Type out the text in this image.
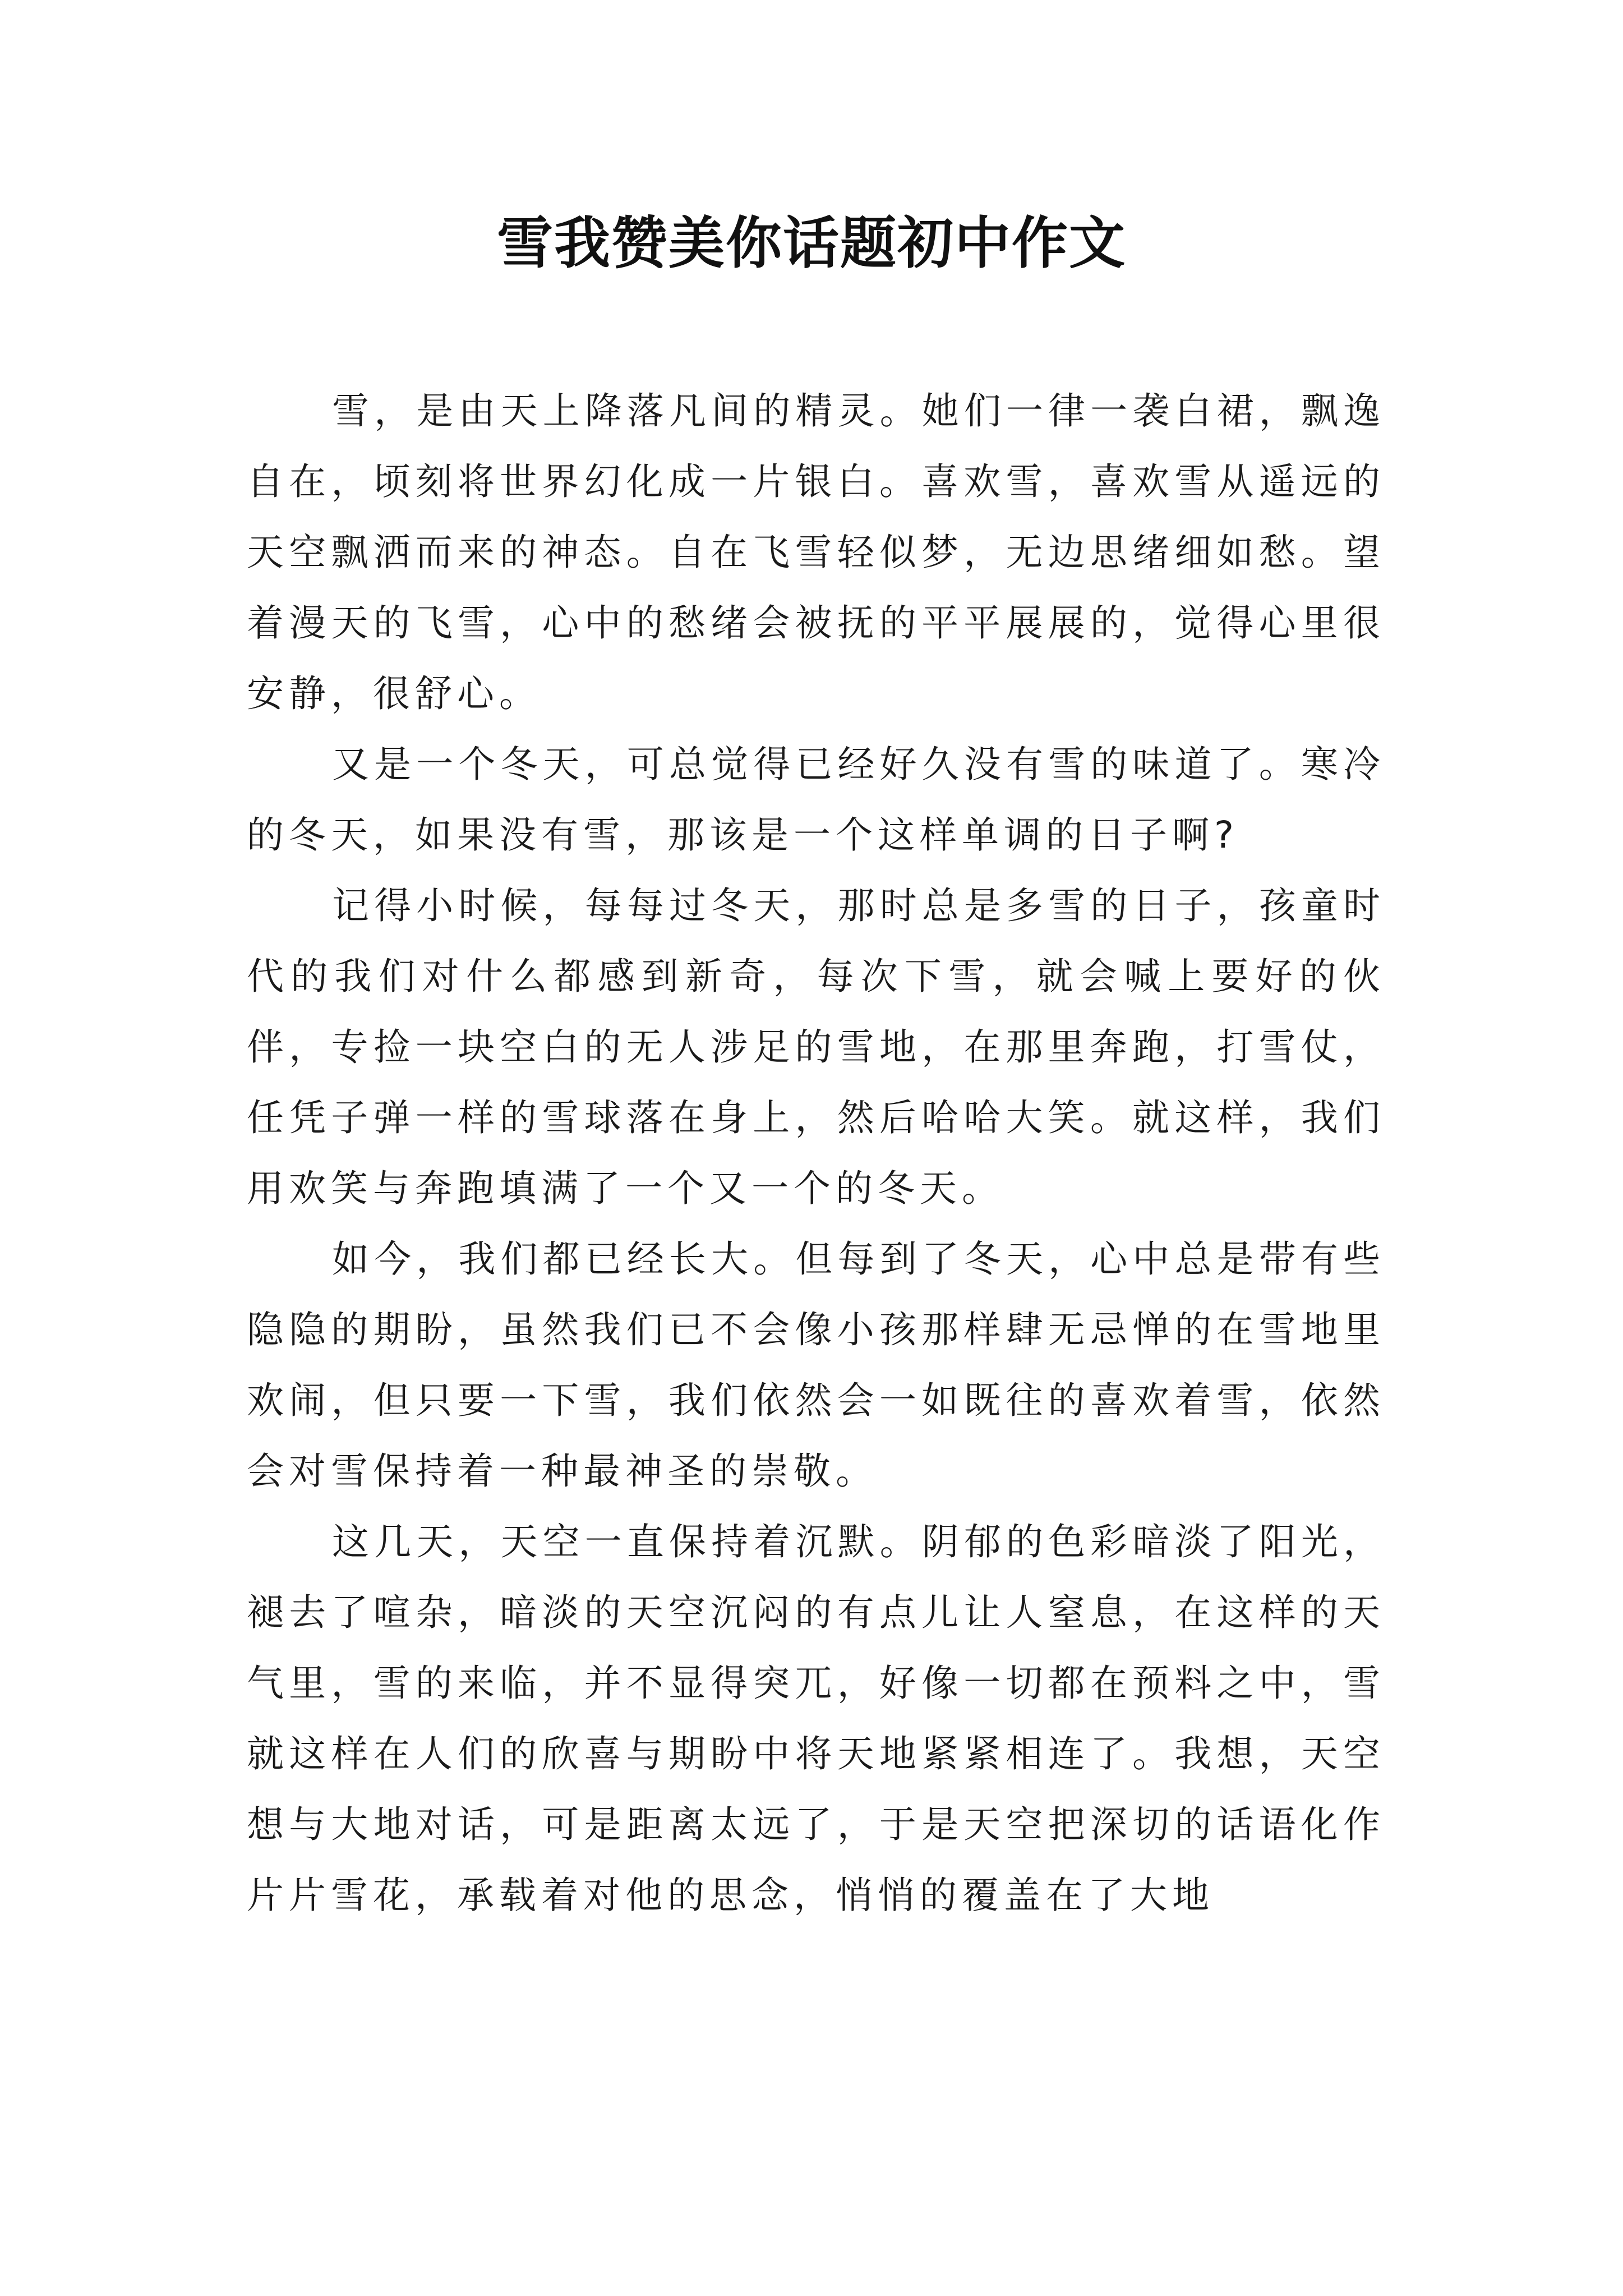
雪我赞美你话题初中作文

雪，是由天上降落凡间的精灵。她们一律一袭白裙，飘逸自在，顷刻将世界幻化成一片银白。喜欢雪，喜欢雪从遥远的天空飘洒而来的神态。自在飞雪轻似梦，无边思绪细如愁。望着漫天的飞雪，心中的愁绪会被抚的平平展展的，觉得心里很安静，很舒心。

又是一个冬天，可总觉得已经好久没有雪的味道了。寒冷的冬天，如果没有雪，那该是一个这样单调的日子啊?

记得小时候，每每过冬天，那时总是多雪的日子，孩童时代的我们对什么都感到新奇，每次下雪，就会喊上要好的伙伴，专捡一块空白的无人涉足的雪地，在那里奔跑，打雪仗，任凭子弹一样的雪球落在身上，然后哈哈大笑。就这样，我们用欢笑与奔跑填满了一个又一个的冬天。

如今，我们都已经长大。但每到了冬天，心中总是带有些隐隐的期盼，虽然我们已不会像小孩那样肆无忌惮的在雪地里欢闹，但只要一下雪，我们依然会一如既往的喜欢着雪，依然会对雪保持着一种最神圣的崇敬。

这几天，天空一直保持着沉默。阴郁的色彩暗淡了阳光，褪去了喧杂，暗淡的天空沉闷的有点儿让人窒息，在这样的天气里，雪的来临，并不显得突兀，好像一切都在预料之中，雪就这样在人们的欣喜与期盼中将天地紧紧相连了。我想，天空想与大地对话，可是距离太远了，于是天空把深切的话语化作片片雪花，承载着对他的思念，悄悄的覆盖在了大地
